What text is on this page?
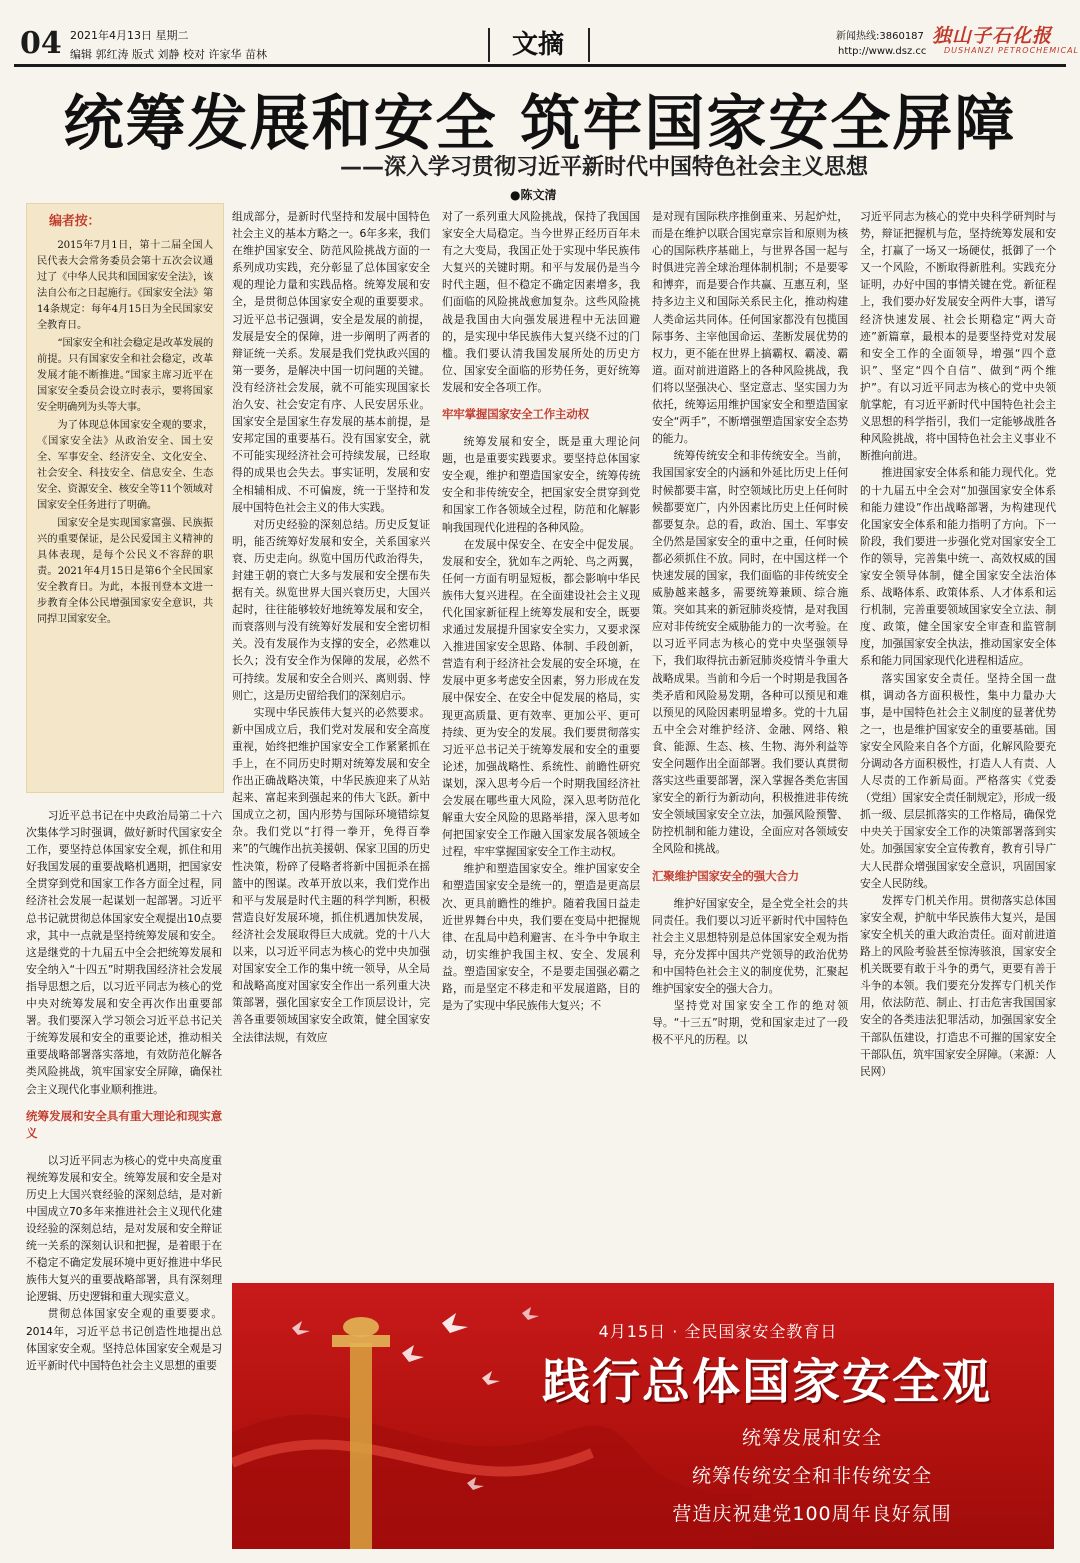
04 2021年4月13日 星期二
编辑 郭红涛 版式 刘静 校对 许家华 苗林	文摘	新闻热线:3860187
http://www.dsz.cc
独山子石化报
DUSHANZI PETROCHEMICAL
统筹发展和安全 筑牢国家安全屏障
——深入学习贯彻习近平新时代中国特色社会主义思想
●陈文清
编者按：

2015年7月1日，第十二届全国人民代表大会常务委员会第十五次会议通过了《中华人民共和国国家安全法》，该法自公布之日起施行。《国家安全法》第14条规定：每年4月15日为全民国家安全教育日。

“国家安全和社会稳定是改革发展的前提。只有国家安全和社会稳定，改革发展才能不断推进。”国家主席习近平在国家安全委员会设立时表示，要将国家安全明确列为头等大事。

为了体现总体国家安全观的要求，《国家安全法》从政治安全、国土安全、军事安全、经济安全、文化安全、社会安全、科技安全、信息安全、生态安全、资源安全、核安全等11个领域对国家安全任务进行了明确。

国家安全是实现国家富强、民族振兴的重要保证，是公民爱国主义精神的具体表现，是每个公民义不容辞的职责。2021年4月15日是第6个全民国家安全教育日。为此，本报刊登本文进一步教育全体公民增强国家安全意识，共同捍卫国家安全。

习近平总书记在中央政治局第二十六次集体学习时强调，做好新时代国家安全工作，要坚持总体国家安全观，抓住和用好我国发展的重要战略机遇期，把国家安全贯穿到党和国家工作各方面全过程，同经济社会发展一起谋划一起部署。习近平总书记就贯彻总体国家安全观提出10点要求，其中一点就是坚持统筹发展和安全。这是继党的十九届五中全会把统筹发展和安全纳入“十四五”时期我国经济社会发展指导思想之后，以习近平同志为核心的党中央对统筹发展和安全再次作出重要部署。我们要深入学习领会习近平总书记关于统筹发展和安全的重要论述，推动相关重要战略部署落实落地，有效防范化解各类风险挑战，筑牢国家安全屏障，确保社会主义现代化事业顺利推进。

统筹发展和安全具有重大理论和现实意义

以习近平同志为核心的党中央高度重视统筹发展和安全。统筹发展和安全是对历史上大国兴衰经验的深刻总结，是对新中国成立70多年来推进社会主义现代化建设经验的深刻总结，是对发展和安全辩证统一关系的深刻认识和把握，是着眼于在不稳定不确定发展环境中更好推进中华民族伟大复兴的重要战略部署，具有深刻理论逻辑、历史逻辑和重大现实意义。

贯彻总体国家安全观的重要要求。2014年，习近平总书记创造性地提出总体国家安全观。坚持总体国家安全观是习近平新时代中国特色社会主义思想的重要

组成部分，是新时代坚持和发展中国特色社会主义的基本方略之一。6年多来，我们在维护国家安全、防范风险挑战方面的一系列成功实践，充分彰显了总体国家安全观的理论力量和实践品格。统筹发展和安全，是贯彻总体国家安全观的重要要求。习近平总书记强调，安全是发展的前提，发展是安全的保障，进一步阐明了两者的辩证统一关系。发展是我们党执政兴国的第一要务，是解决中国一切问题的关键。没有经济社会发展，就不可能实现国家长治久安、社会安定有序、人民安居乐业。国家安全是国家生存发展的基本前提，是安邦定国的重要基石。没有国家安全，就不可能实现经济社会可持续发展，已经取得的成果也会失去。事实证明，发展和安全相辅相成、不可偏废，统一于坚持和发展中国特色社会主义的伟大实践。

对历史经验的深刻总结。历史反复证明，能否统筹好发展和安全，关系国家兴衰、历史走向。纵览中国历代政治得失，封建王朝的衰亡大多与发展和安全摆布失据有关。纵览世界大国兴衰历史，大国兴起时，往往能够较好地统筹发展和安全，而衰落则与没有统筹好发展和安全密切相关。没有发展作为支撑的安全，必然难以长久；没有安全作为保障的发展，必然不可持续。发展和安全合则兴、离则弱、悖则亡，这是历史留给我们的深刻启示。

实现中华民族伟大复兴的必然要求。新中国成立后，我们党对发展和安全高度重视，始终把维护国家安全工作紧紧抓在手上，在不同历史时期对统筹发展和安全作出正确战略决策，中华民族迎来了从站起来、富起来到强起来的伟大飞跃。新中国成立之初，国内形势与国际环境错综复杂。我们党以“打得一拳开，免得百拳来”的气魄作出抗美援朝、保家卫国的历史性决策，粉碎了侵略者将新中国扼杀在摇篮中的图谋。改革开放以来，我们党作出和平与发展是时代主题的科学判断，积极营造良好发展环境，抓住机遇加快发展，经济社会发展取得巨大成就。党的十八大以来，以习近平同志为核心的党中央加强对国家安全工作的集中统一领导，从全局和战略高度对国家安全作出一系列重大决策部署，强化国家安全工作顶层设计，完善各重要领域国家安全政策，健全国家安全法律法规，有效应

对了一系列重大风险挑战，保持了我国国家安全大局稳定。当今世界正经历百年未有之大变局，我国正处于实现中华民族伟大复兴的关键时期。和平与发展仍是当今时代主题，但不稳定不确定因素增多，我们面临的风险挑战愈加复杂。这些风险挑战是我国由大向强发展进程中无法回避的，是实现中华民族伟大复兴绕不过的门槛。我们要认清我国发展所处的历史方位、国家安全面临的形势任务，更好统筹发展和安全各项工作。

牢牢掌握国家安全工作主动权

统筹发展和安全，既是重大理论问题，也是重要实践要求。要坚持总体国家安全观，维护和塑造国家安全，统筹传统安全和非传统安全，把国家安全贯穿到党和国家工作各领域全过程，防范和化解影响我国现代化进程的各种风险。

在发展中保安全、在安全中促发展。发展和安全，犹如车之两轮、鸟之两翼，任何一方面有明显短板，都会影响中华民族伟大复兴进程。在全面建设社会主义现代化国家新征程上统筹发展和安全，既要求通过发展提升国家安全实力，又要求深入推进国家安全思路、体制、手段创新，营造有利于经济社会发展的安全环境，在发展中更多考虑安全因素，努力形成在发展中保安全、在安全中促发展的格局，实现更高质量、更有效率、更加公平、更可持续、更为安全的发展。我们要贯彻落实习近平总书记关于统筹发展和安全的重要论述，加强战略性、系统性、前瞻性研究谋划，深入思考今后一个时期我国经济社会发展在哪些重大风险，深入思考防范化解重大安全风险的思路举措，深入思考如何把国家安全工作融入国家发展各领域全过程，牢牢掌握国家安全工作主动权。

维护和塑造国家安全。维护国家安全和塑造国家安全是统一的，塑造是更高层次、更具前瞻性的维护。随着我国日益走近世界舞台中央，我们要在变局中把握规律、在乱局中趋利避害、在斗争中争取主动，切实维护我国主权、安全、发展利益。塑造国家安全，不是要走国强必霸之路，而是坚定不移走和平发展道路，目的是为了实现中华民族伟大复兴；不

是对现有国际秩序推倒重来、另起炉灶，而是在维护以联合国宪章宗旨和原则为核心的国际秩序基础上，与世界各国一起与时俱进完善全球治理体制机制；不是要零和博弈，而是要合作共赢、互惠互利，坚持多边主义和国际关系民主化，推动构建人类命运共同体。任何国家都没有包揽国际事务、主宰他国命运、垄断发展优势的权力，更不能在世界上搞霸权、霸凌、霸道。面对前进道路上的各种风险挑战，我们将以坚强决心、坚定意志、坚实国力为依托，统筹运用维护国家安全和塑造国家安全“两手”，不断增强塑造国家安全态势的能力。

统筹传统安全和非传统安全。当前，我国国家安全的内涵和外延比历史上任何时候都要丰富，时空领域比历史上任何时候都要宽广，内外因素比历史上任何时候都要复杂。总的看，政治、国土、军事安全仍然是国家安全的重中之重，任何时候都必须抓住不放。同时，在中国这样一个快速发展的国家，我们面临的非传统安全威胁越来越多，需要统筹兼顾、综合施策。突如其来的新冠肺炎疫情，是对我国应对非传统安全威胁能力的一次考验。在以习近平同志为核心的党中央坚强领导下，我们取得抗击新冠肺炎疫情斗争重大战略成果。当前和今后一个时期是我国各类矛盾和风险易发期，各种可以预见和难以预见的风险因素明显增多。党的十九届五中全会对维护经济、金融、网络、粮食、能源、生态、核、生物、海外利益等安全问题作出全面部署。我们要认真贯彻落实这些重要部署，深入掌握各类危害国家安全的新行为新动向，积极推进非传统安全领域国家安全立法，加强风险预警、防控机制和能力建设，全面应对各领域安全风险和挑战。

汇聚维护国家安全的强大合力

维护好国家安全，是全党全社会的共同责任。我们要以习近平新时代中国特色社会主义思想特别是总体国家安全观为指导，充分发挥中国共产党领导的政治优势和中国特色社会主义的制度优势，汇聚起维护国家安全的强大合力。

坚持党对国家安全工作的绝对领导。“十三五”时期，党和国家走过了一段极不平凡的历程。以

习近平同志为核心的党中央科学研判时与势，辩证把握机与危，坚持统筹发展和安全，打赢了一场又一场硬仗，抵御了一个又一个风险，不断取得新胜利。实践充分证明，办好中国的事情关键在党。新征程上，我们要办好发展安全两件大事，谱写经济快速发展、社会长期稳定“两大奇迹”新篇章，最根本的是要坚持党对发展和安全工作的全面领导，增强“四个意识”、坚定“四个自信”、做到“两个维护”。有以习近平同志为核心的党中央领航掌舵，有习近平新时代中国特色社会主义思想的科学指引，我们一定能够战胜各种风险挑战，将中国特色社会主义事业不断推向前进。

推进国家安全体系和能力现代化。党的十九届五中全会对“加强国家安全体系和能力建设”作出战略部署，为构建现代化国家安全体系和能力指明了方向。下一阶段，我们要进一步强化党对国家安全工作的领导，完善集中统一、高效权威的国家安全领导体制，健全国家安全法治体系、战略体系、政策体系、人才体系和运行机制，完善重要领域国家安全立法、制度、政策，健全国家安全审查和监管制度，加强国家安全执法，推动国家安全体系和能力同国家现代化进程相适应。

落实国家安全责任。坚持全国一盘棋，调动各方面积极性，集中力量办大事，是中国特色社会主义制度的显著优势之一，也是维护国家安全的重要基础。国家安全风险来自各个方面，化解风险要充分调动各方面积极性，打造人人有责、人人尽责的工作新局面。严格落实《党委（党组）国家安全责任制规定》，形成一级抓一级、层层抓落实的工作格局，确保党中央关于国家安全工作的决策部署落到实处。加强国家安全宣传教育，教育引导广大人民群众增强国家安全意识，巩固国家安全人民防线。

发挥专门机关作用。贯彻落实总体国家安全观，护航中华民族伟大复兴，是国家安全机关的重大政治责任。面对前进道路上的风险考验甚至惊涛骇浪，国家安全机关既要有敢于斗争的勇气，更要有善于斗争的本领。我们要充分发挥专门机关作用，依法防范、制止、打击危害我国国家安全的各类违法犯罪活动，加强国家安全干部队伍建设，打造忠不可摧的国家安全干部队伍，筑牢国家安全屏障。（来源：人民网）

4月15日 · 全民国家安全教育日
践行总体国家安全观
统筹发展和安全
统筹传统安全和非传统安全
营造庆祝建党100周年良好氛围
